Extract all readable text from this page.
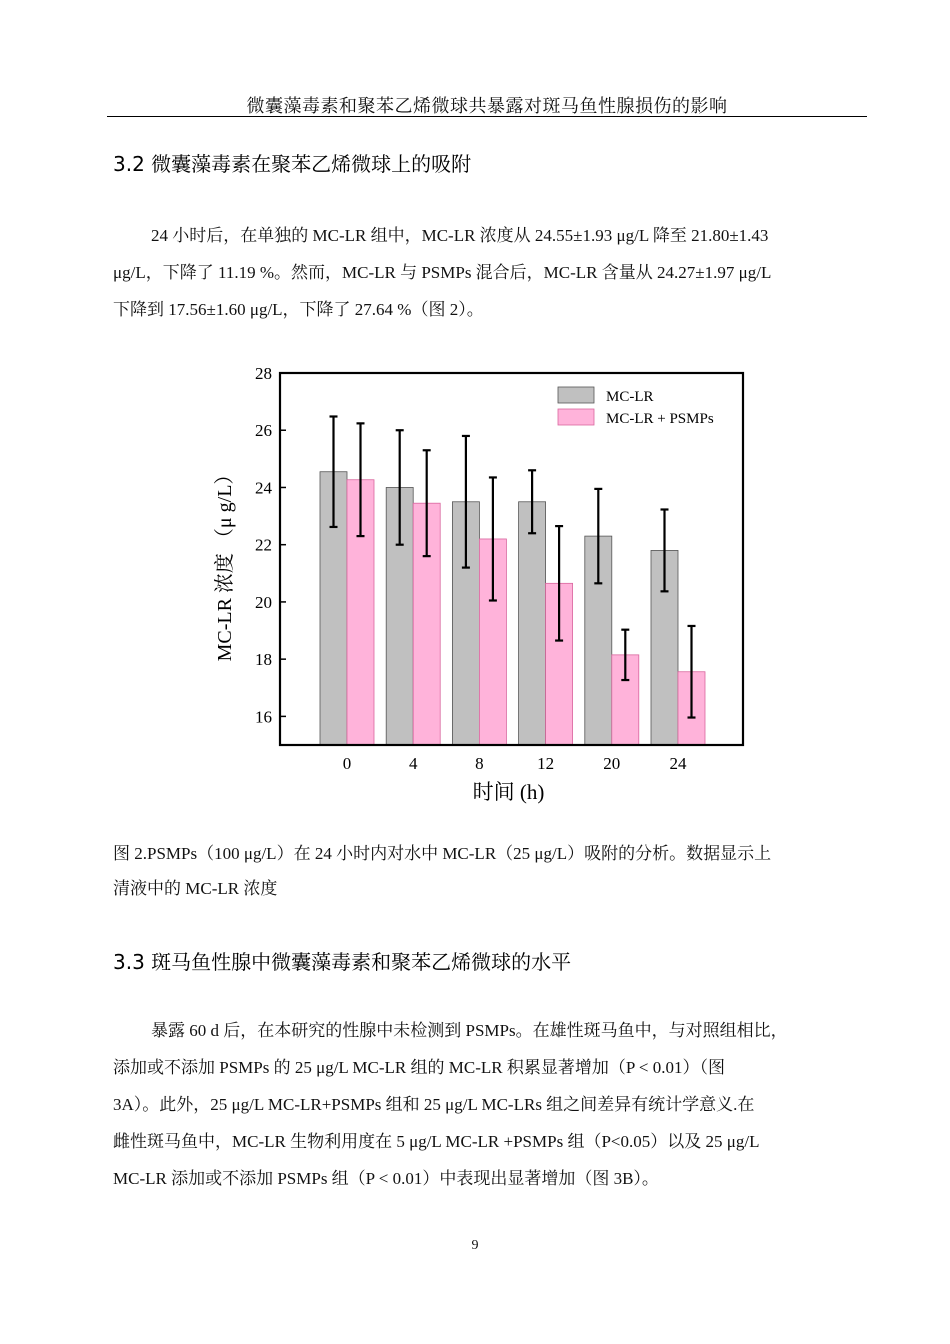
微囊藻毒素和聚苯乙烯微球共暴露对斑马鱼性腺损伤的影响
3.2 微囊藻毒素在聚苯乙烯微球上的吸附
24 小时后，在单独的 MC-LR 组中，MC-LR 浓度从 24.55±1.93 μg/L 降至 21.80±1.43
μg/L，下降了 11.19 %。然而，MC-LR 与 PSMPs 混合后，MC-LR 含量从 24.27±1.97 μg/L
下降到 17.56±1.60 μg/L，下降了 27.64 %（图 2）。
16
18
20
22
24
26
28
0	4	8	12	20	24
时间 (h)
MC-LR 浓度 （μ g/L）
MC-LR
MC-LR + PSMPs
图 2.PSMPs（100 μg/L）在 24 小时内对水中 MC-LR（25 μg/L）吸附的分析。数据显示上
清液中的 MC-LR 浓度
3.3 斑马鱼性腺中微囊藻毒素和聚苯乙烯微球的水平
暴露 60 d 后，在本研究的性腺中未检测到 PSMPs。在雄性斑马鱼中，与对照组相比，
添加或不添加 PSMPs 的 25 μg/L MC-LR 组的 MC-LR 积累显著增加（P < 0.01）（图
3A）。此外，25 μg/L MC-LR+PSMPs 组和 25 μg/L MC-LRs 组之间差异有统计学意义.在
雌性斑马鱼中，MC-LR 生物利用度在 5 μg/L MC-LR +PSMPs 组（P<0.05）以及 25 μg/L
MC-LR 添加或不添加 PSMPs 组（P < 0.01）中表现出显著增加（图 3B）。
9
